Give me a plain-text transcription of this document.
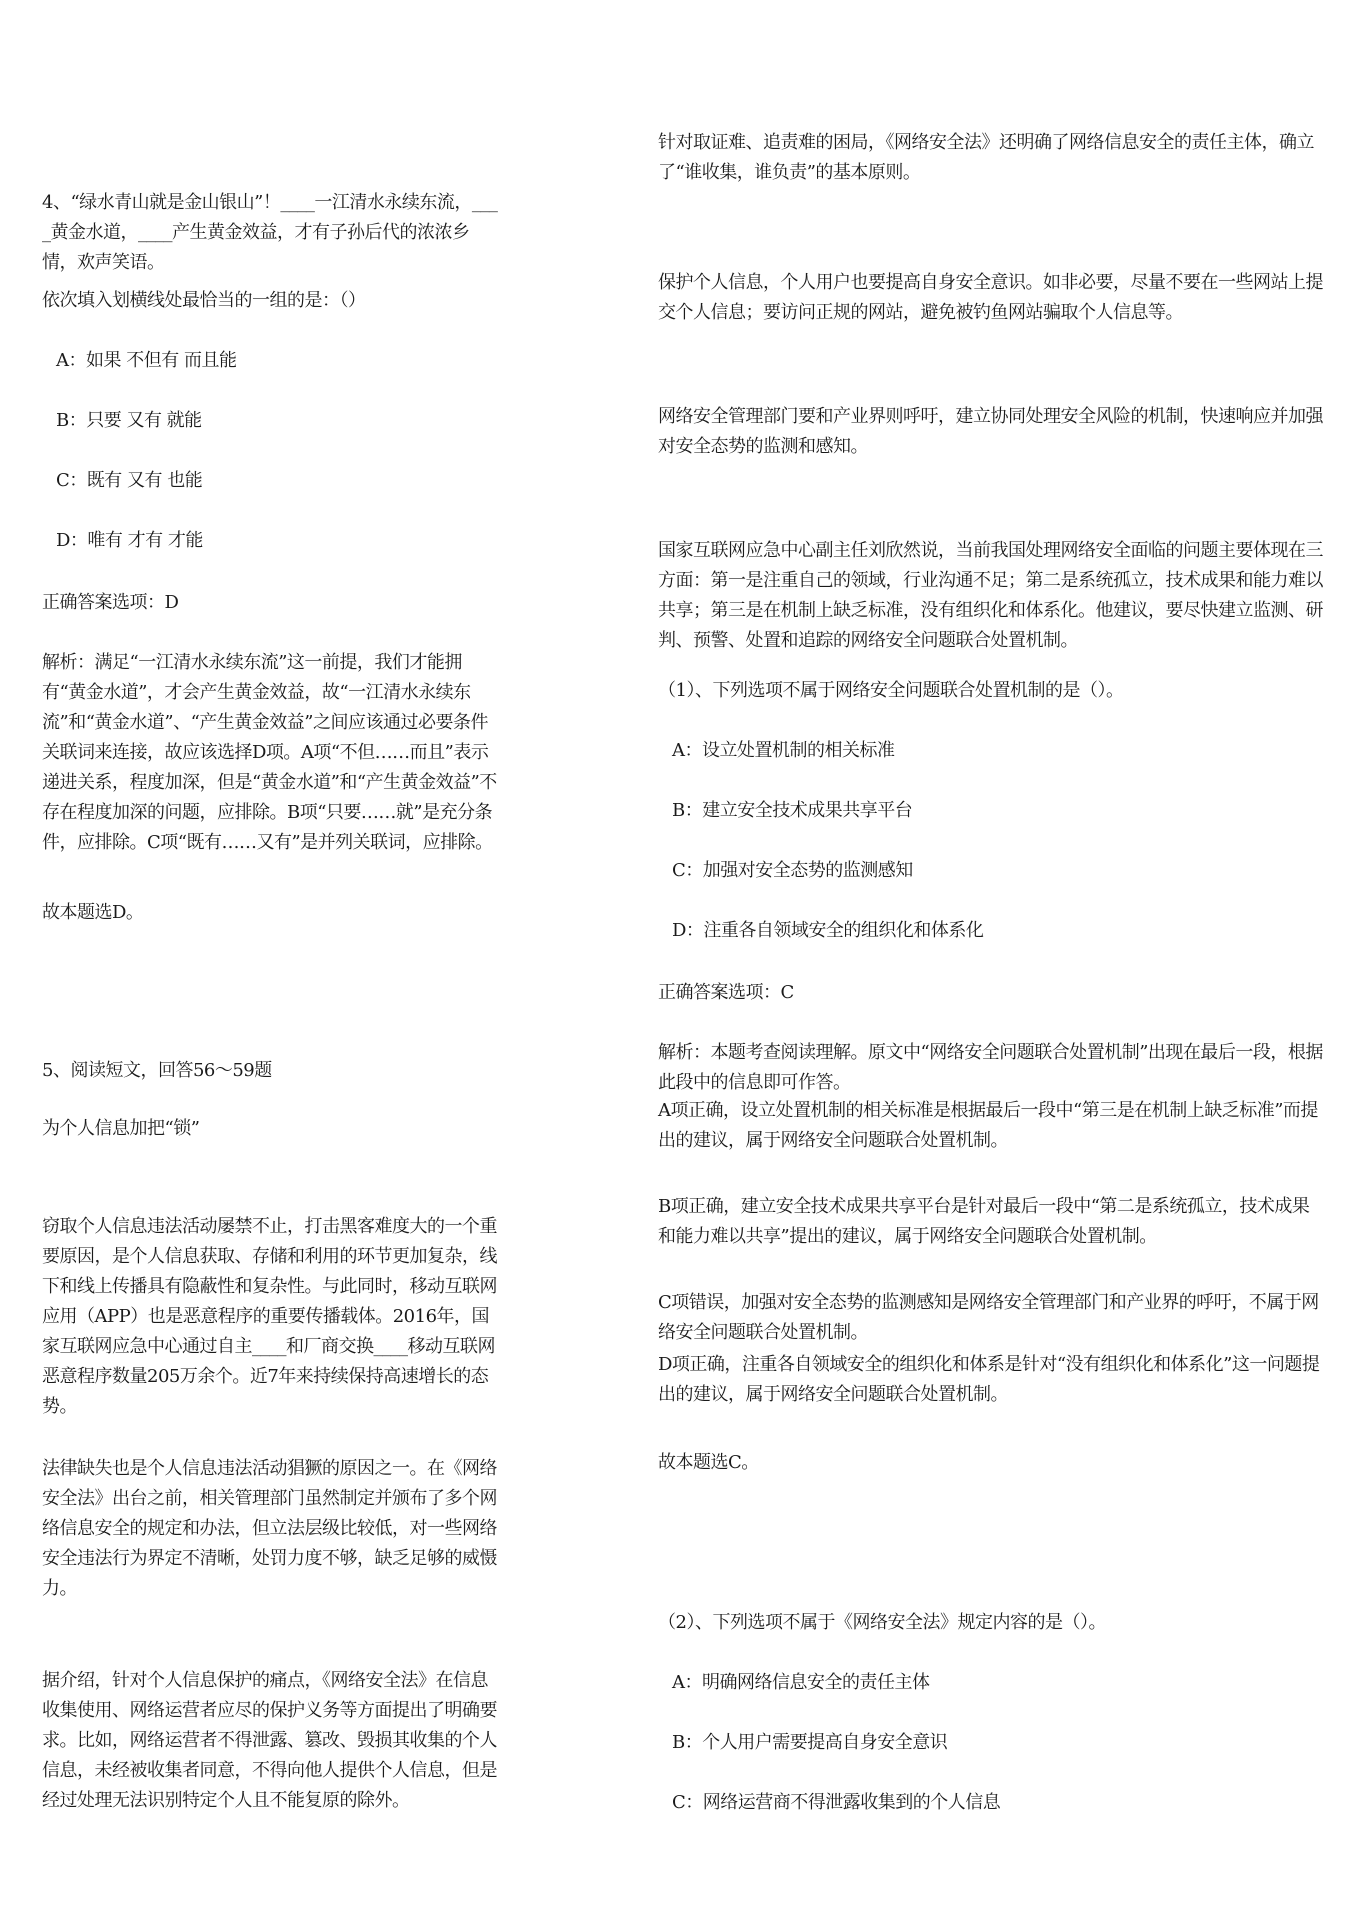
4、“绿水青山就是金山银山”！____一江清水永续东流，____黄金水道，____产生黄金效益，才有子孙后代的浓浓乡情，欢声笑语。

依次填入划横线处最恰当的一组的是：（）

A：如果 不但有 而且能

B：只要 又有 就能

C：既有 又有 也能

D：唯有 才有 才能

正确答案选项：D

解析：满足“一江清水永续东流”这一前提，我们才能拥有“黄金水道”，才会产生黄金效益，故“一江清水永续东流”和“黄金水道”、“产生黄金效益”之间应该通过必要条件关联词来连接，故应该选择D项。A项“不但……而且”表示递进关系，程度加深，但是“黄金水道”和“产生黄金效益”不存在程度加深的问题，应排除。B项“只要……就”是充分条件，应排除。C项“既有……又有”是并列关联词，应排除。

故本题选D。

5、阅读短文，回答56～59题

为个人信息加把“锁”

窃取个人信息违法活动屡禁不止，打击黑客难度大的一个重要原因，是个人信息获取、存储和利用的环节更加复杂，线下和线上传播具有隐蔽性和复杂性。与此同时，移动互联网应用（APP）也是恶意程序的重要传播载体。2016年，国家互联网应急中心通过自主____和厂商交换____移动互联网恶意程序数量205万余个。近7年来持续保持高速增长的态势。

法律缺失也是个人信息违法活动猖獗的原因之一。在《网络安全法》出台之前，相关管理部门虽然制定并颁布了多个网络信息安全的规定和办法，但立法层级比较低，对一些网络安全违法行为界定不清晰，处罚力度不够，缺乏足够的威慑力。

据介绍，针对个人信息保护的痛点，《网络安全法》在信息收集使用、网络运营者应尽的保护义务等方面提出了明确要求。比如，网络运营者不得泄露、篡改、毁损其收集的个人信息，未经被收集者同意，不得向他人提供个人信息，但是经过处理无法识别特定个人且不能复原的除外。

针对取证难、追责难的困局，《网络安全法》还明确了网络信息安全的责任主体，确立了“谁收集，谁负责”的基本原则。

保护个人信息，个人用户也要提高自身安全意识。如非必要，尽量不要在一些网站上提交个人信息；要访问正规的网站，避免被钓鱼网站骗取个人信息等。

网络安全管理部门要和产业界则呼吁，建立协同处理安全风险的机制，快速响应并加强对安全态势的监测和感知。

国家互联网应急中心副主任刘欣然说，当前我国处理网络安全面临的问题主要体现在三方面：第一是注重自己的领域，行业沟通不足；第二是系统孤立，技术成果和能力难以共享；第三是在机制上缺乏标准，没有组织化和体系化。他建议，要尽快建立监测、研判、预警、处置和追踪的网络安全问题联合处置机制。

（1）、下列选项不属于网络安全问题联合处置机制的是（）。

A：设立处置机制的相关标准

B：建立安全技术成果共享平台

C：加强对安全态势的监测感知

D：注重各自领域安全的组织化和体系化

正确答案选项：C

解析：本题考查阅读理解。原文中“网络安全问题联合处置机制”出现在最后一段，根据此段中的信息即可作答。

A项正确，设立处置机制的相关标准是根据最后一段中“第三是在机制上缺乏标准”而提出的建议，属于网络安全问题联合处置机制。

B项正确，建立安全技术成果共享平台是针对最后一段中“第二是系统孤立，技术成果和能力难以共享”提出的建议，属于网络安全问题联合处置机制。

C项错误，加强对安全态势的监测感知是网络安全管理部门和产业界的呼吁，不属于网络安全问题联合处置机制。

D项正确，注重各自领域安全的组织化和体系是针对“没有组织化和体系化”这一问题提出的建议，属于网络安全问题联合处置机制。

故本题选C。

（2）、下列选项不属于《网络安全法》规定内容的是（）。

A：明确网络信息安全的责任主体

B：个人用户需要提高自身安全意识

C：网络运营商不得泄露收集到的个人信息
